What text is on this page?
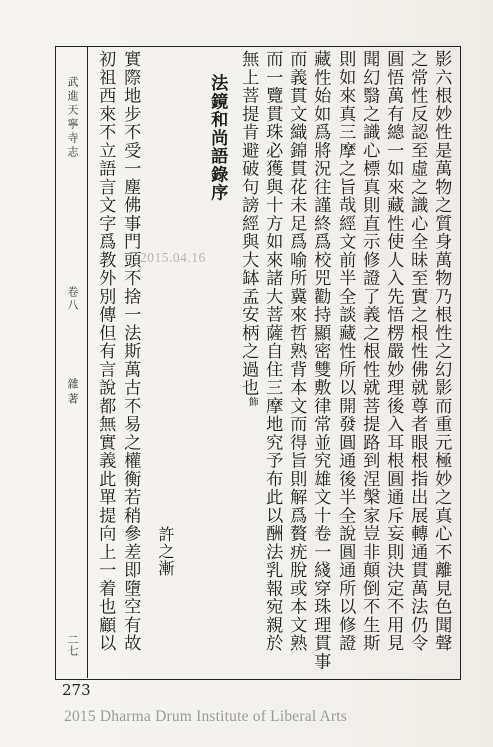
武進天寧寺志
卷八
雜著
二七	影六根妙性是萬物之質身萬物乃根性之幻影而重元極妙之真心不離見色聞聲
之常性反認至虛之識心全昧至實之根性佛就尊者眼根指出展轉通貫萬法仍令
圓悟萬有總一如來藏性使人入先悟楞嚴妙理後入耳根圓通斥妄則決定不用見
聞幻翳之識心標真則直示修證了義之根性就菩提路到涅槃家豈非顛倒不生斯
則如來真三摩之旨哉經文前半全談藏性所以開發圓通後半全說圓通所以修證
藏性始如爲將況往謹終爲校兕勸持顯密雙敷律常並究雄文十卷一綫穿珠理貫事
而義貫文織錦貫花未足爲喻所冀來哲熟背本文而得旨則解爲贅疣脫或本文熟
而一覽貫珠必獲與十方如來諸大菩薩自住三摩地究予布此以酬法乳報宛親於
無上菩提肯避破句謗經與大缽孟安柄之過也$^飾$
法鏡和尚語錄序
許之漸
實際地步不受一塵佛事門頭不捨一法斯萬古不易之權衡若稍參差即墮空有故
初祖西來不立語言文字爲教外別傳但有言說都無實義此單提向上一着也顧以 2015.04.16
273
2015 Dharma Drum Institute of Liberal Arts
